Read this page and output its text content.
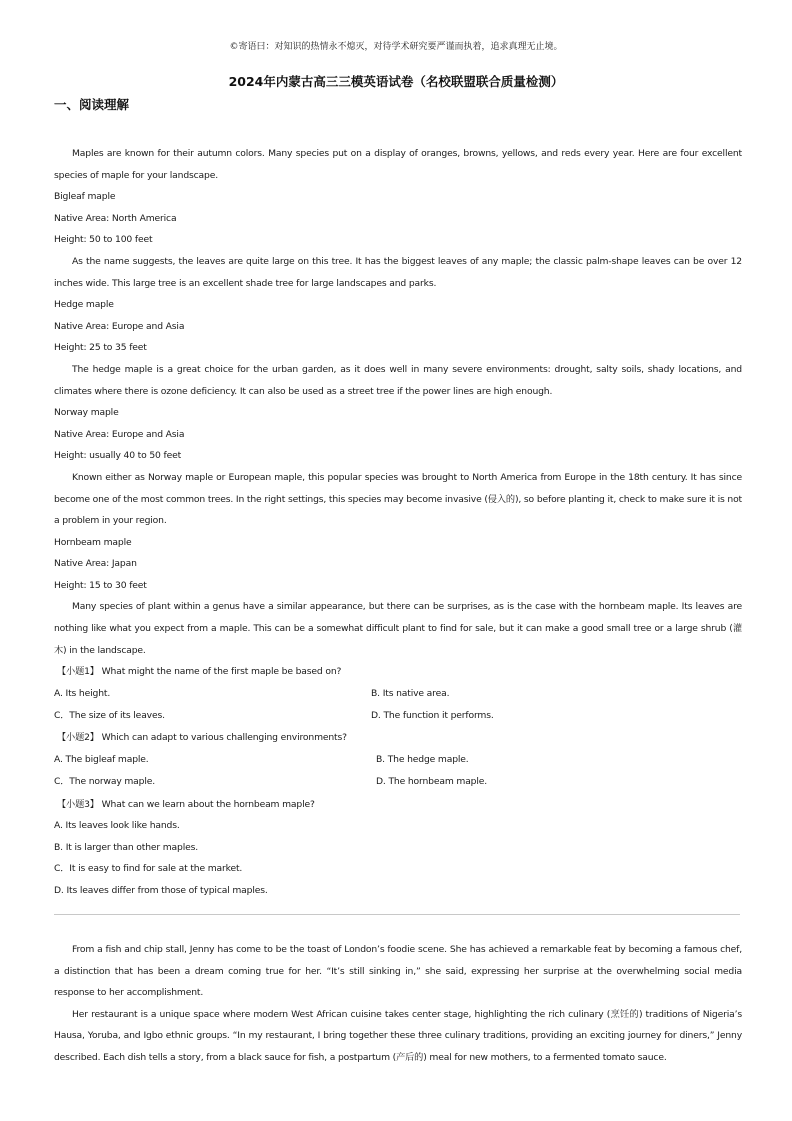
©寄语曰：对知识的热情永不熄灭，对待学术研究要严谨而执着，追求真理无止境。
2024年内蒙古高三三模英语试卷（名校联盟联合质量检测）
一、阅读理解

Maples are known for their autumn colors. Many species put on a display of oranges, browns, yellows, and reds every year. Here are four excellent species of maple for your landscape.

Bigleaf maple

Native Area: North America

Height: 50 to 100 feet

As the name suggests, the leaves are quite large on this tree. It has the biggest leaves of any maple; the classic palm-shape leaves can be over 12 inches wide. This large tree is an excellent shade tree for large landscapes and parks.

Hedge maple

Native Area: Europe and Asia

Height: 25 to 35 feet

The hedge maple is a great choice for the urban garden, as it does well in many severe environments: drought, salty soils, shady locations, and climates where there is ozone deficiency. It can also be used as a street tree if the power lines are high enough.

Norway maple

Native Area: Europe and Asia

Height: usually 40 to 50 feet

Known either as Norway maple or European maple, this popular species was brought to North America from Europe in the 18th century. It has since become one of the most common trees. In the right settings, this species may become invasive (侵入的), so before planting it, check to make sure it is not a problem in your region.

Hornbeam maple

Native Area: Japan

Height: 15 to 30 feet

Many species of plant within a genus have a similar appearance, but there can be surprises, as is the case with the hornbeam maple. Its leaves are nothing like what you expect from a maple. This can be a somewhat difficult plant to find for sale, but it can make a good small tree or a large shrub (灌木) in the landscape.

【小题1】 What might the name of the first maple be based on?

A. Its height.	B. Its native area.
C．The size of its leaves.	D. The function it performs.

【小题2】 Which can adapt to various challenging environments?

A. The bigleaf maple.	B. The hedge maple.
C．The norway maple.	D. The hornbeam maple.

【小题3】 What can we learn about the hornbeam maple?

A. Its leaves look like hands.

B. It is larger than other maples.

C．It is easy to find for sale at the market.

D. Its leaves differ from those of typical maples.

From a fish and chip stall, Jenny has come to be the toast of London’s foodie scene. She has achieved a remarkable feat by becoming a famous chef, a distinction that has been a dream coming true for her. “It’s still sinking in,” she said, expressing her surprise at the overwhelming social media response to her accomplishment.

Her restaurant is a unique space where modern West African cuisine takes center stage, highlighting the rich culinary (烹饪的) traditions of Nigeria’s Hausa, Yoruba, and Igbo ethnic groups. “In my restaurant, I bring together these three culinary traditions, providing an exciting journey for diners,” Jenny described. Each dish tells a story, from a black sauce for fish, a postpartum (产后的) meal for new mothers, to a fermented tomato sauce.
